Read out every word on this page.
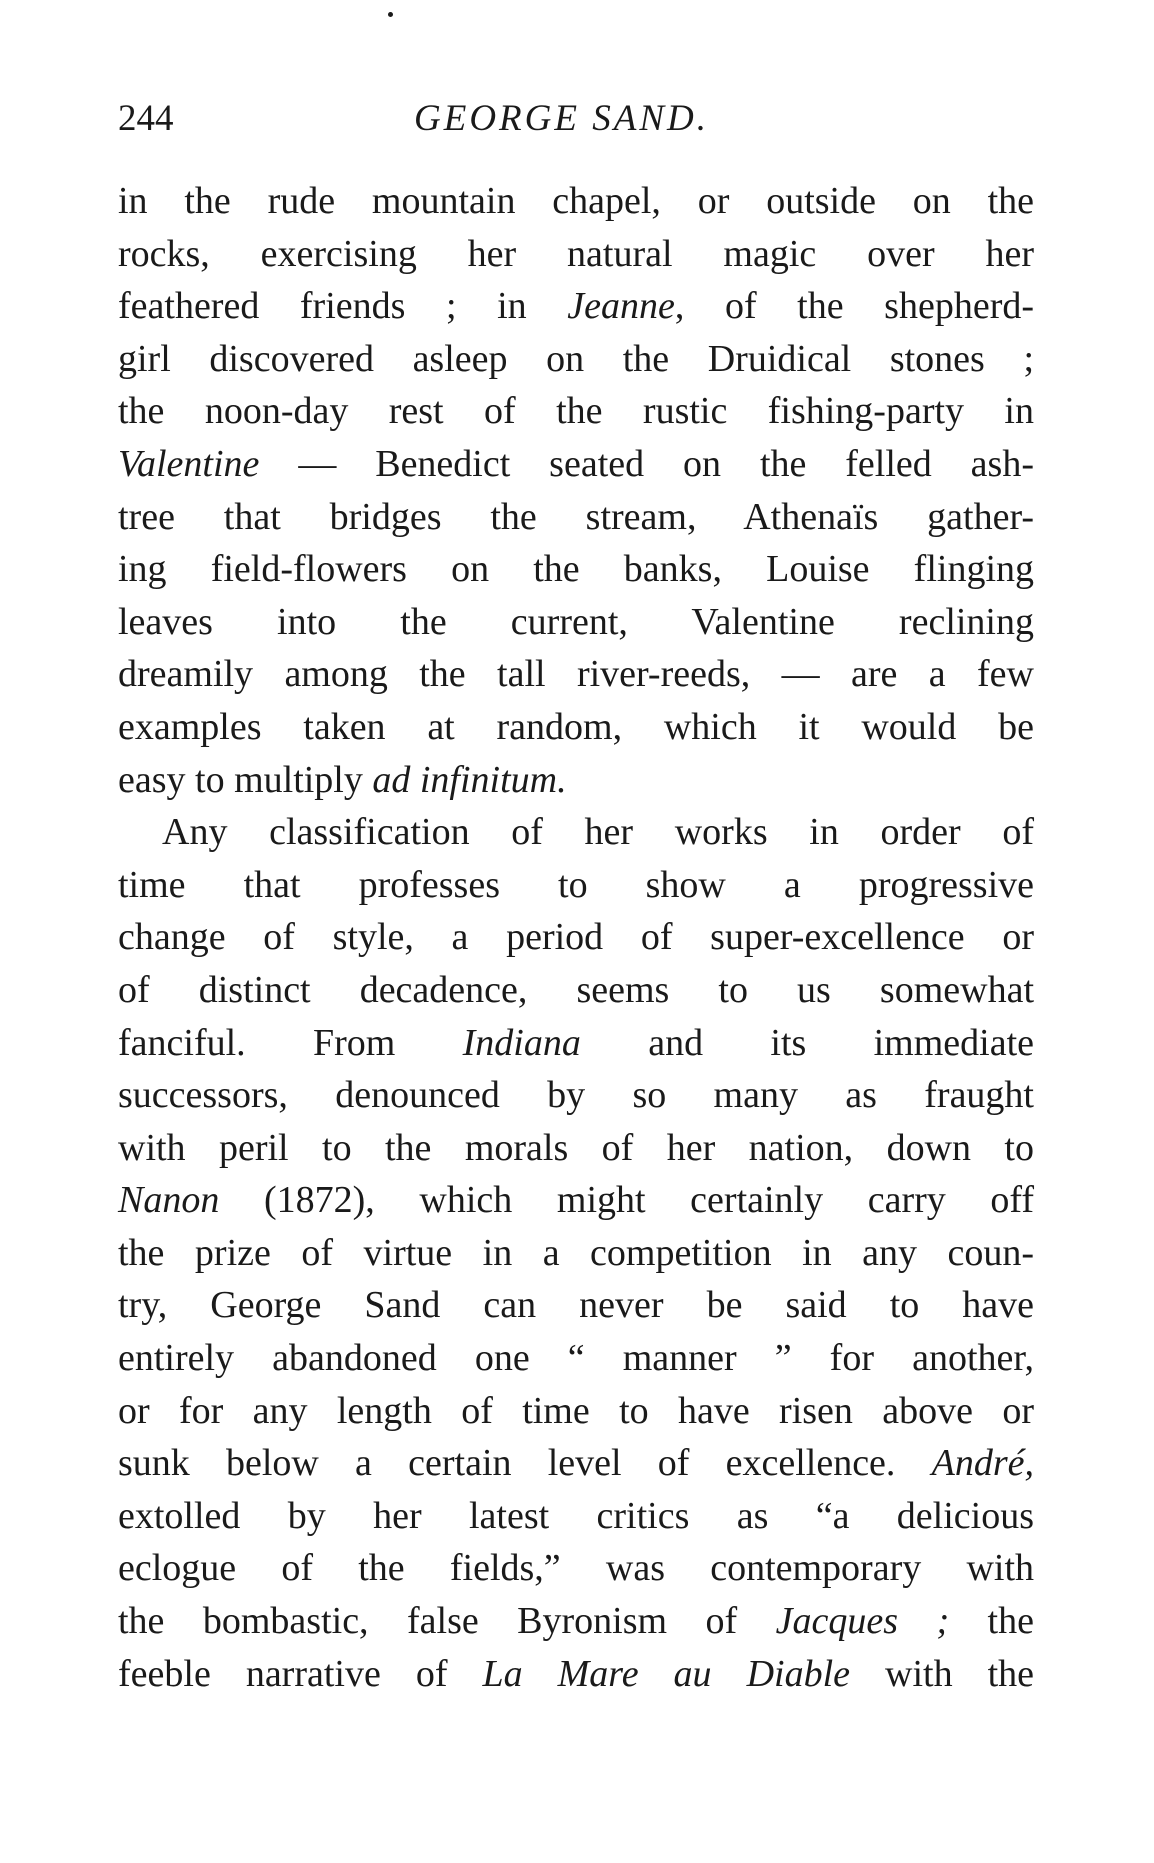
244	GEORGE SAND.
in the rude mountain chapel, or outside on the
rocks, exercising her natural magic over her
feathered friends ; in Jeanne, of the shepherd-
girl discovered asleep on the Druidical stones ;
the noon-day rest of the rustic fishing-party in
Valentine — Benedict seated on the felled ash-
tree that bridges the stream, Athenaïs gather-
ing field-flowers on the banks, Louise flinging
leaves into the current, Valentine reclining
dreamily among the tall river-reeds, — are a few
examples taken at random, which it would be
easy to multiply ad infinitum.
Any classification of her works in order of
time that professes to show a progressive
change of style, a period of super-excellence or
of distinct decadence, seems to us somewhat
fanciful. From Indiana and its immediate
successors, denounced by so many as fraught
with peril to the morals of her nation, down to
Nanon (1872), which might certainly carry off
the prize of virtue in a competition in any coun-
try, George Sand can never be said to have
entirely abandoned one “ manner ” for another,
or for any length of time to have risen above or
sunk below a certain level of excellence. André,
extolled by her latest critics as “a delicious
eclogue of the fields,” was contemporary with
the bombastic, false Byronism of Jacques ; the
feeble narrative of La Mare au Diable with the
